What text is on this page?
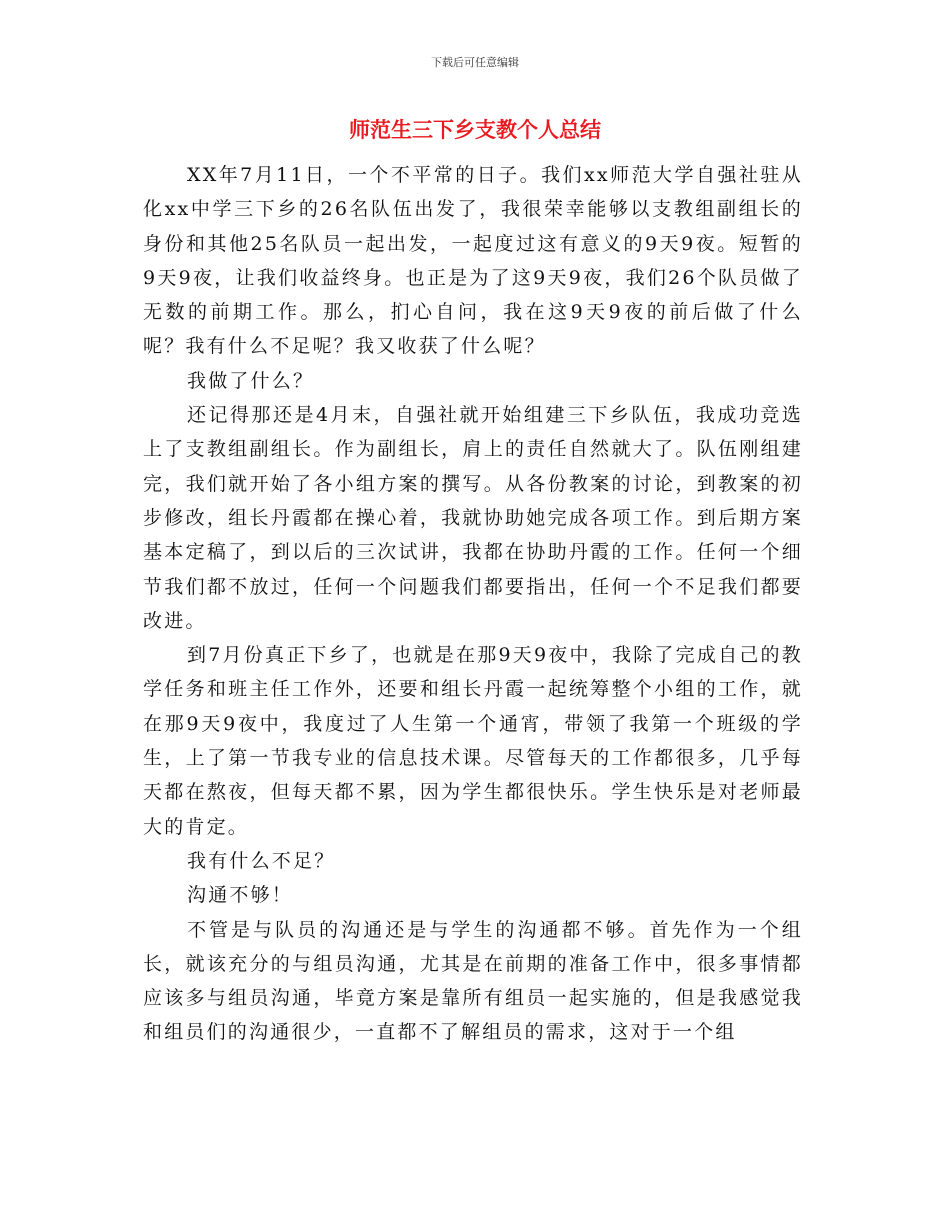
下载后可任意编辑
师范生三下乡支教个人总结

XX年7月11日，一个不平常的日子。我们xx师范大学自强社驻从化xx中学三下乡的26名队伍出发了，我很荣幸能够以支教组副组长的身份和其他25名队员一起出发，一起度过这有意义的9天9夜。短暂的9天9夜，让我们收益终身。也正是为了这9天9夜，我们26个队员做了无数的前期工作。那么，扪心自问，我在这9天9夜的前后做了什么呢？我有什么不足呢？我又收获了什么呢？

我做了什么？

还记得那还是4月末，自强社就开始组建三下乡队伍，我成功竞选上了支教组副组长。作为副组长，肩上的责任自然就大了。队伍刚组建完，我们就开始了各小组方案的撰写。从各份教案的讨论，到教案的初步修改，组长丹霞都在操心着，我就协助她完成各项工作。到后期方案基本定稿了，到以后的三次试讲，我都在协助丹霞的工作。任何一个细节我们都不放过，任何一个问题我们都要指出，任何一个不足我们都要改进。

到7月份真正下乡了，也就是在那9天9夜中，我除了完成自己的教学任务和班主任工作外，还要和组长丹霞一起统筹整个小组的工作，就在那9天9夜中，我度过了人生第一个通宵，带领了我第一个班级的学生，上了第一节我专业的信息技术课。尽管每天的工作都很多，几乎每天都在熬夜，但每天都不累，因为学生都很快乐。学生快乐是对老师最大的肯定。

我有什么不足？

沟通不够！

不管是与队员的沟通还是与学生的沟通都不够。首先作为一个组长，就该充分的与组员沟通，尤其是在前期的准备工作中，很多事情都应该多与组员沟通，毕竟方案是靠所有组员一起实施的，但是我感觉我和组员们的沟通很少，一直都不了解组员的需求，这对于一个组
